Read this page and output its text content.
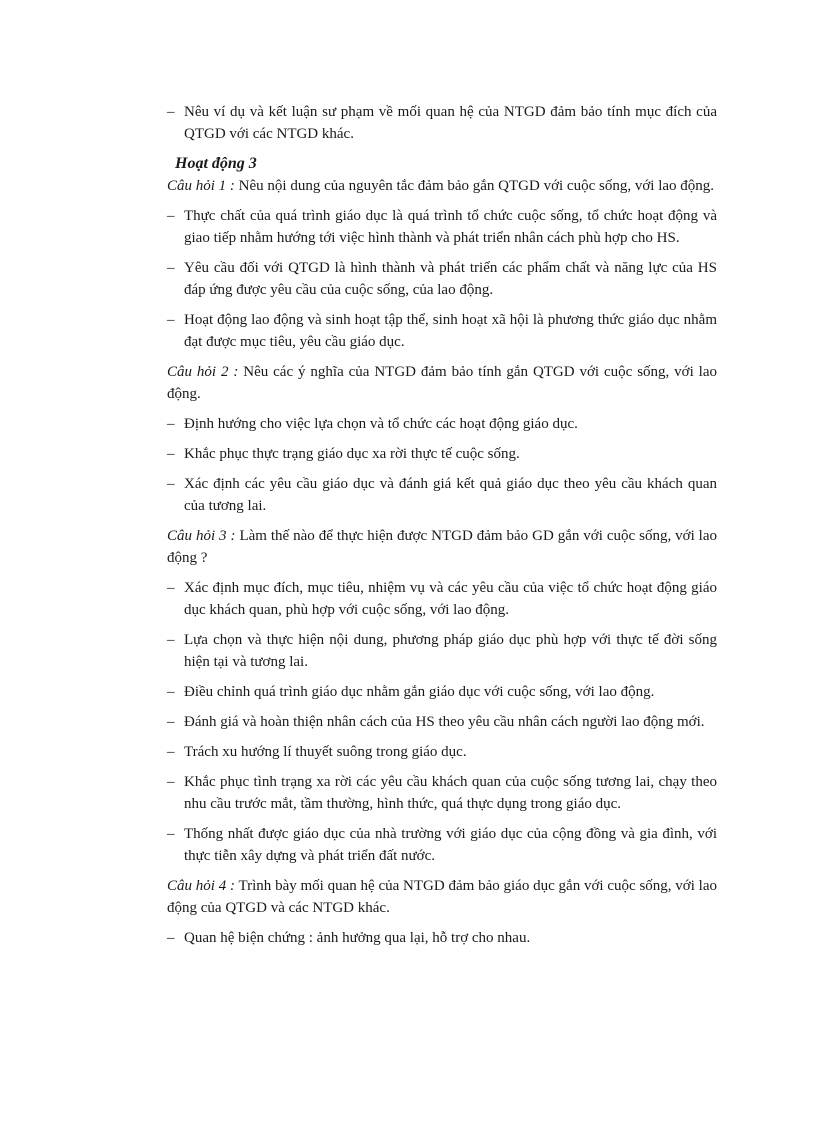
– Nêu ví dụ và kết luận sư phạm về mối quan hệ của NTGD đảm bảo tính mục đích của QTGD với các NTGD khác.
Hoạt động 3
Câu hỏi 1 : Nêu nội dung của nguyên tắc đảm bảo gắn QTGD với cuộc sống, với lao động.
– Thực chất của quá trình giáo dục là quá trình tổ chức cuộc sống, tổ chức hoạt động và giao tiếp nhằm hướng tới việc hình thành và phát triển nhân cách phù hợp cho HS.
– Yêu cầu đối với QTGD là hình thành và phát triển các phẩm chất và năng lực của HS đáp ứng được yêu cầu của cuộc sống, của lao động.
– Hoạt động lao động và sinh hoạt tập thể, sinh hoạt xã hội là phương thức giáo dục nhằm đạt được mục tiêu, yêu cầu giáo dục.
Câu hỏi 2 : Nêu các ý nghĩa của NTGD đảm bảo tính gắn QTGD với cuộc sống, với lao động.
– Định hướng cho việc lựa chọn và tổ chức các hoạt động giáo dục.
– Khắc phục thực trạng giáo dục xa rời thực tế cuộc sống.
– Xác định các yêu cầu giáo dục và đánh giá kết quả giáo dục theo yêu cầu khách quan của tương lai.
Câu hỏi 3 : Làm thế nào để thực hiện được NTGD đảm bảo GD gắn với cuộc sống, với lao động ?
– Xác định mục đích, mục tiêu, nhiệm vụ và các yêu cầu của việc tổ chức hoạt động giáo dục khách quan, phù hợp với cuộc sống, với lao động.
– Lựa chọn và thực hiện nội dung, phương pháp giáo dục phù hợp với thực tế đời sống hiện tại và tương lai.
– Điều chỉnh quá trình giáo dục nhằm gắn giáo dục với cuộc sống, với lao động.
– Đánh giá và hoàn thiện nhân cách của HS theo yêu cầu nhân cách người lao động mới.
– Trách xu hướng lí thuyết suông trong giáo dục.
– Khắc phục tình trạng xa rời các yêu cầu khách quan của cuộc sống tương lai, chạy theo nhu cầu trước mắt, tầm thường, hình thức, quá thực dụng trong giáo dục.
– Thống nhất được giáo dục của nhà trường với giáo dục của cộng đồng và gia đình, với thực tiễn xây dựng và phát triển đất nước.
Câu hỏi 4 : Trình bày mối quan hệ của NTGD đảm bảo giáo dục gắn với cuộc sống, với lao động của QTGD và các NTGD khác.
– Quan hệ biện chứng : ảnh hưởng qua lại, hỗ trợ cho nhau.
